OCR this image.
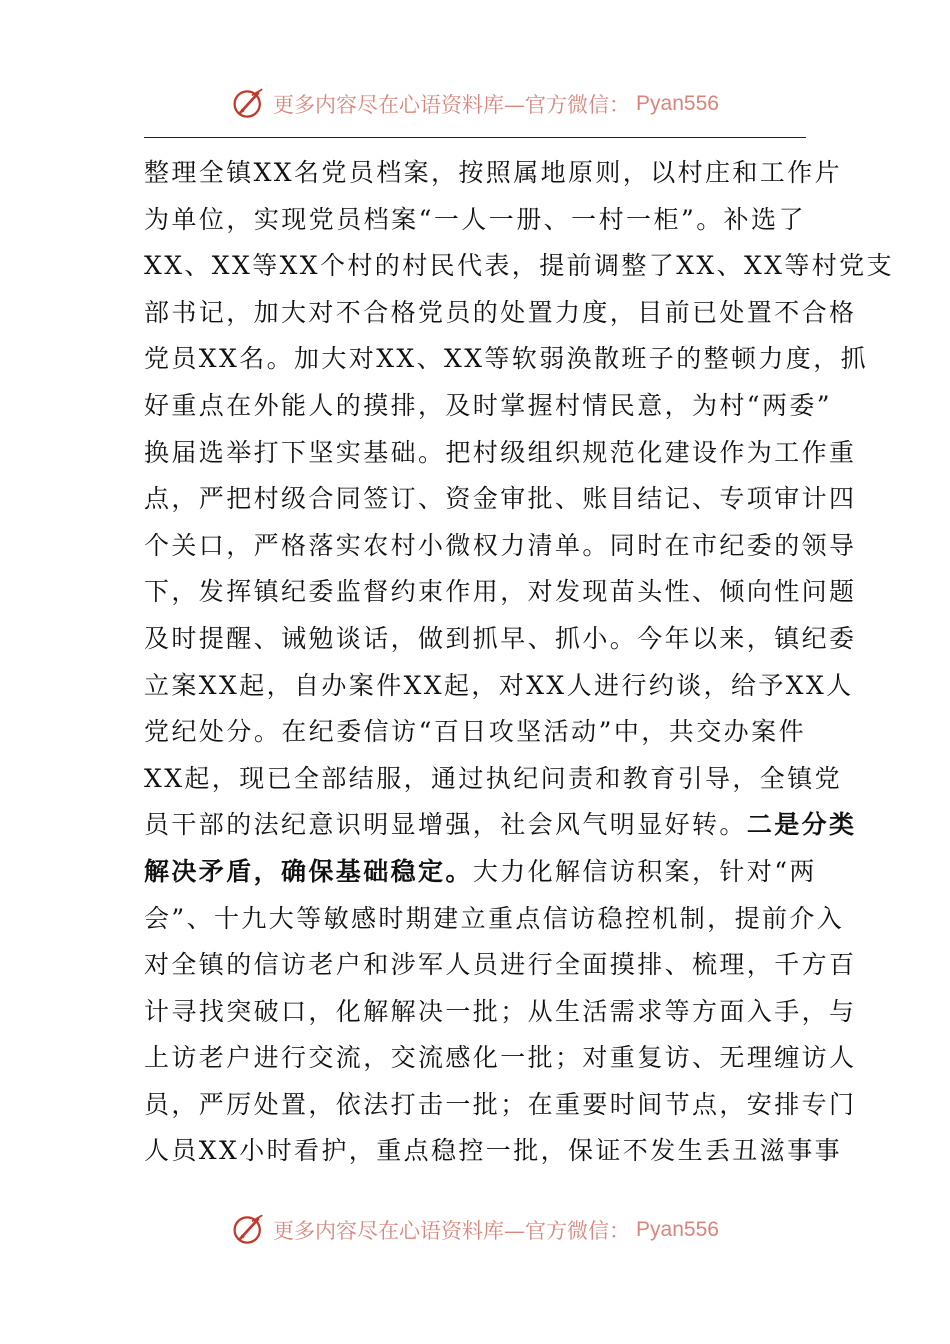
更多内容尽在心语资料库—官方微信： Pyan556
整理全镇XX名党员档案，按照属地原则，以村庄和工作片
为单位，实现党员档案“一人一册、一村一柜”。补选了
XX、XX等XX个村的村民代表，提前调整了XX、XX等村党支
部书记，加大对不合格党员的处置力度，目前已处置不合格
党员XX名。加大对XX、XX等软弱涣散班子的整顿力度，抓
好重点在外能人的摸排，及时掌握村情民意，为村“两委”
换届选举打下坚实基础。把村级组织规范化建设作为工作重
点，严把村级合同签订、资金审批、账目结记、专项审计四
个关口，严格落实农村小微权力清单。同时在市纪委的领导
下，发挥镇纪委监督约束作用，对发现苗头性、倾向性问题
及时提醒、诫勉谈话，做到抓早、抓小。今年以来，镇纪委
立案XX起，自办案件XX起，对XX人进行约谈，给予XX人
党纪处分。在纪委信访“百日攻坚活动”中，共交办案件
XX起，现已全部结服，通过执纪问责和教育引导，全镇党
员干部的法纪意识明显增强，社会风气明显好转。二是分类
解决矛盾，确保基础稳定。大力化解信访积案，针对“两
会”、十九大等敏感时期建立重点信访稳控机制，提前介入
对全镇的信访老户和涉军人员进行全面摸排、梳理，千方百
计寻找突破口，化解解决一批；从生活需求等方面入手，与
上访老户进行交流，交流感化一批；对重复访、无理缠访人
员，严厉处置，依法打击一批；在重要时间节点，安排专门
人员XX小时看护，重点稳控一批，保证不发生丢丑滋事事
更多内容尽在心语资料库—官方微信： Pyan556
